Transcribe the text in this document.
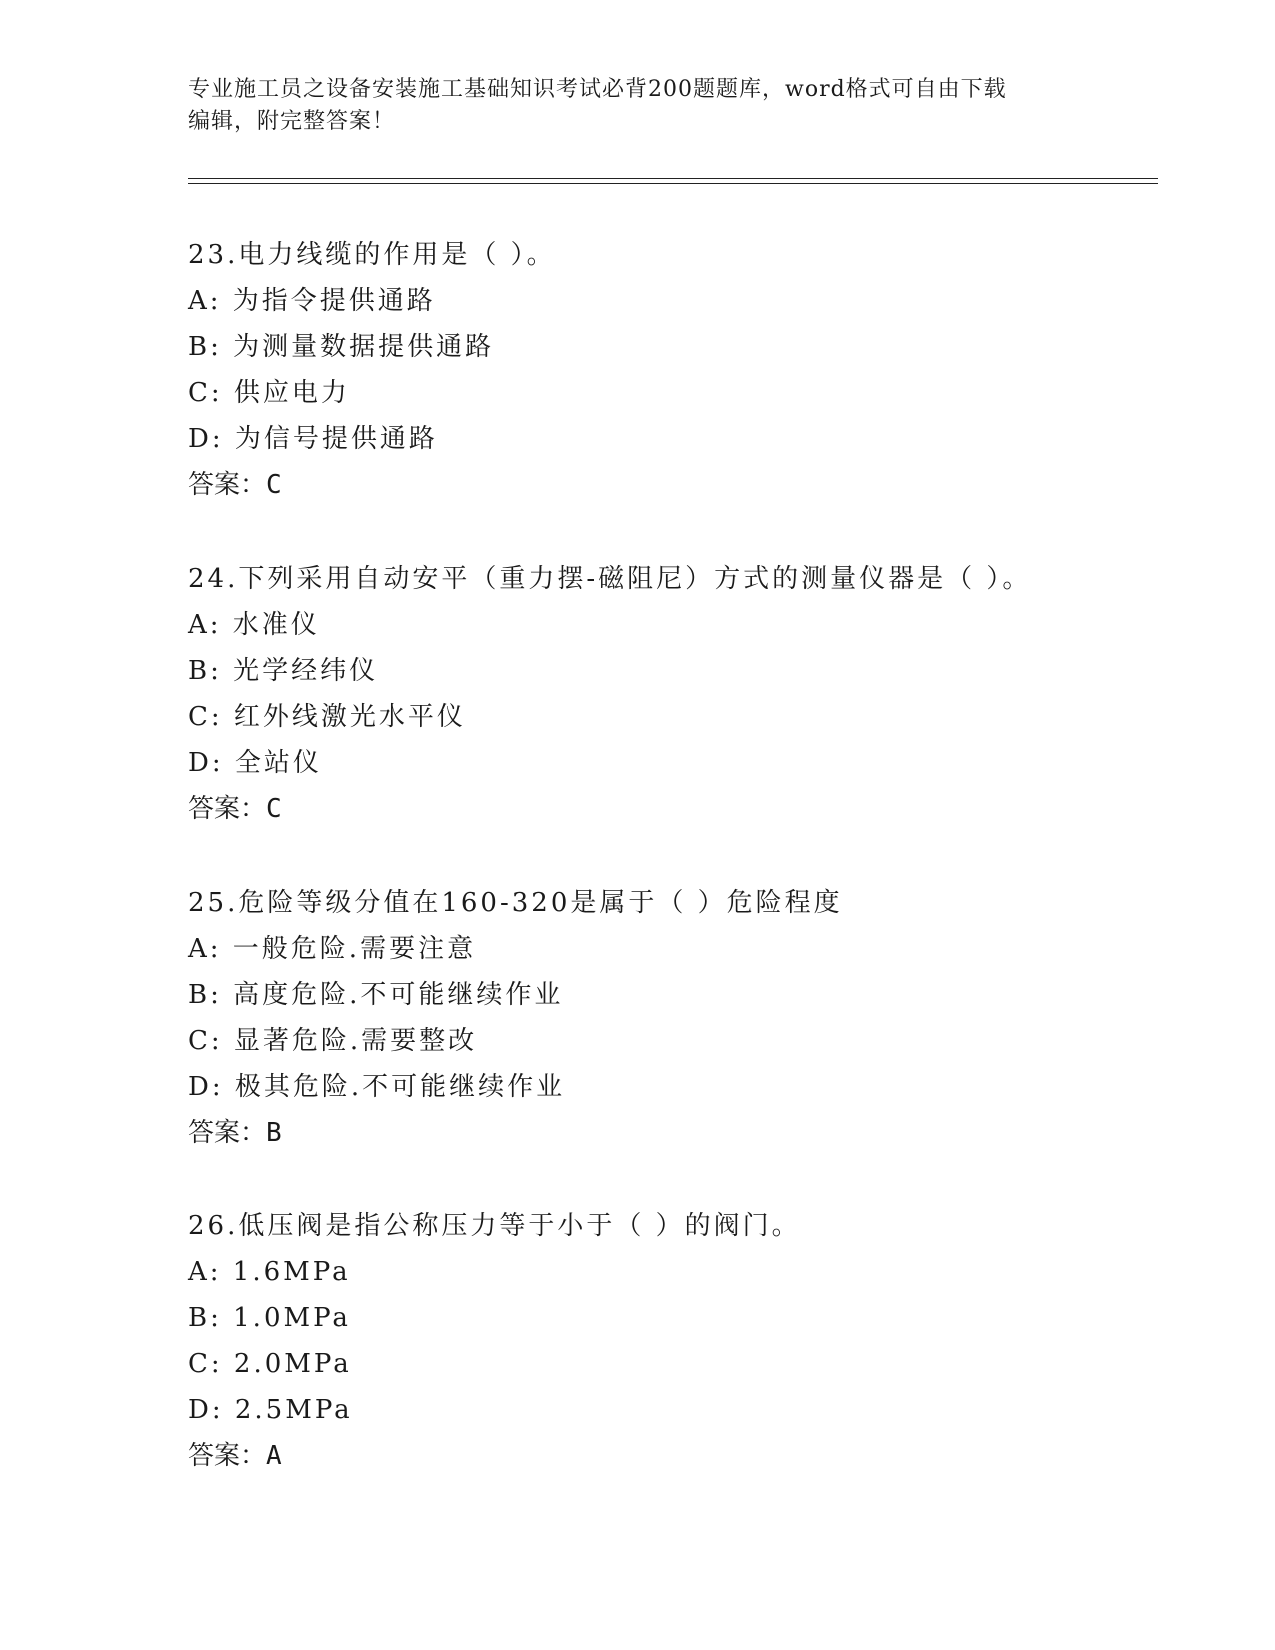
专业施工员之设备安装施工基础知识考试必背200题题库，word格式可自由下载
编辑，附完整答案！
23.电力线缆的作用是（ ）。
A: 为指令提供通路
B: 为测量数据提供通路
C: 供应电力
D: 为信号提供通路
答案：C
24.下列采用自动安平（重力摆-磁阻尼）方式的测量仪器是（ ）。
A: 水准仪
B: 光学经纬仪
C: 红外线激光水平仪
D: 全站仪
答案：C
25.危险等级分值在160-320是属于（ ）危险程度
A: 一般危险.需要注意
B: 高度危险.不可能继续作业
C: 显著危险.需要整改
D: 极其危险.不可能继续作业
答案：B
26.低压阀是指公称压力等于小于（ ）的阀门。
A: 1.6MPa
B: 1.0MPa
C: 2.0MPa
D: 2.5MPa
答案：A
